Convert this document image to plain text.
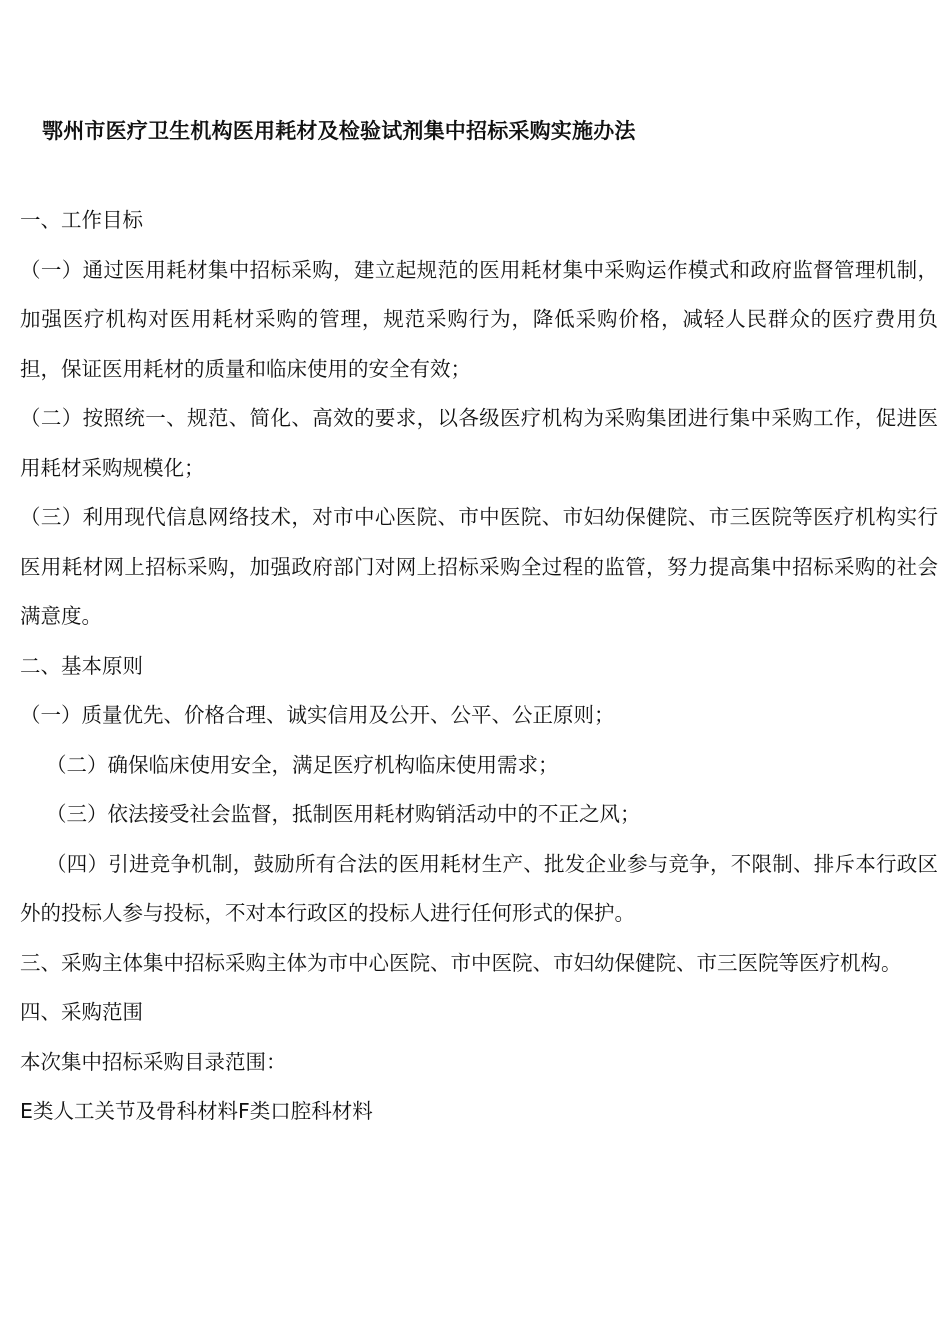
鄂州市医疗卫生机构医用耗材及检验试剂集中招标采购实施办法

一、工作目标

（一）通过医用耗材集中招标采购，建立起规范的医用耗材集中采购运作模式和政府监督管理机制，加强医疗机构对医用耗材采购的管理，规范采购行为，降低采购价格，减轻人民群众的医疗费用负担，保证医用耗材的质量和临床使用的安全有效；

（二）按照统一、规范、简化、高效的要求，以各级医疗机构为采购集团进行集中采购工作，促进医用耗材采购规模化；

（三）利用现代信息网络技术，对市中心医院、市中医院、市妇幼保健院、市三医院等医疗机构实行医用耗材网上招标采购，加强政府部门对网上招标采购全过程的监管，努力提高集中招标采购的社会满意度。

二、基本原则

（一）质量优先、价格合理、诚实信用及公开、公平、公正原则；

（二）确保临床使用安全，满足医疗机构临床使用需求；

（三）依法接受社会监督，抵制医用耗材购销活动中的不正之风；

（四）引进竞争机制，鼓励所有合法的医用耗材生产、批发企业参与竞争，不限制、排斥本行政区外的投标人参与投标，不对本行政区的投标人进行任何形式的保护。

三、采购主体集中招标采购主体为市中心医院、市中医院、市妇幼保健院、市三医院等医疗机构。

四、采购范围

本次集中招标采购目录范围：

E类人工关节及骨科材料F类口腔科材料
